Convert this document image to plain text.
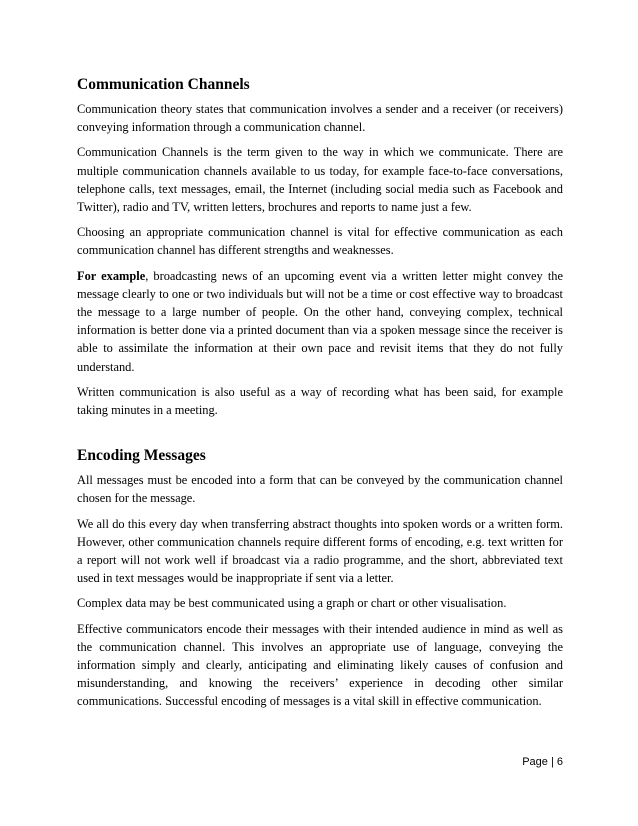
Communication Channels

Communication theory states that communication involves a sender and a receiver (or receivers) conveying information through a communication channel.

Communication Channels is the term given to the way in which we communicate. There are multiple communication channels available to us today, for example face-to-face conversations, telephone calls, text messages, email, the Internet (including social media such as Facebook and Twitter), radio and TV, written letters, brochures and reports to name just a few.

Choosing an appropriate communication channel is vital for effective communication as each communication channel has different strengths and weaknesses.

For example, broadcasting news of an upcoming event via a written letter might convey the message clearly to one or two individuals but will not be a time or cost effective way to broadcast the message to a large number of people. On the other hand, conveying complex, technical information is better done via a printed document than via a spoken message since the receiver is able to assimilate the information at their own pace and revisit items that they do not fully understand.

Written communication is also useful as a way of recording what has been said, for example taking minutes in a meeting.

Encoding Messages

All messages must be encoded into a form that can be conveyed by the communication channel chosen for the message.

We all do this every day when transferring abstract thoughts into spoken words or a written form. However, other communication channels require different forms of encoding, e.g. text written for a report will not work well if broadcast via a radio programme, and the short, abbreviated text used in text messages would be inappropriate if sent via a letter.

Complex data may be best communicated using a graph or chart or other visualisation.

Effective communicators encode their messages with their intended audience in mind as well as the communication channel. This involves an appropriate use of language, conveying the information simply and clearly, anticipating and eliminating likely causes of confusion and misunderstanding, and knowing the receivers’ experience in decoding other similar communications. Successful encoding of messages is a vital skill in effective communication.

Page | 6
